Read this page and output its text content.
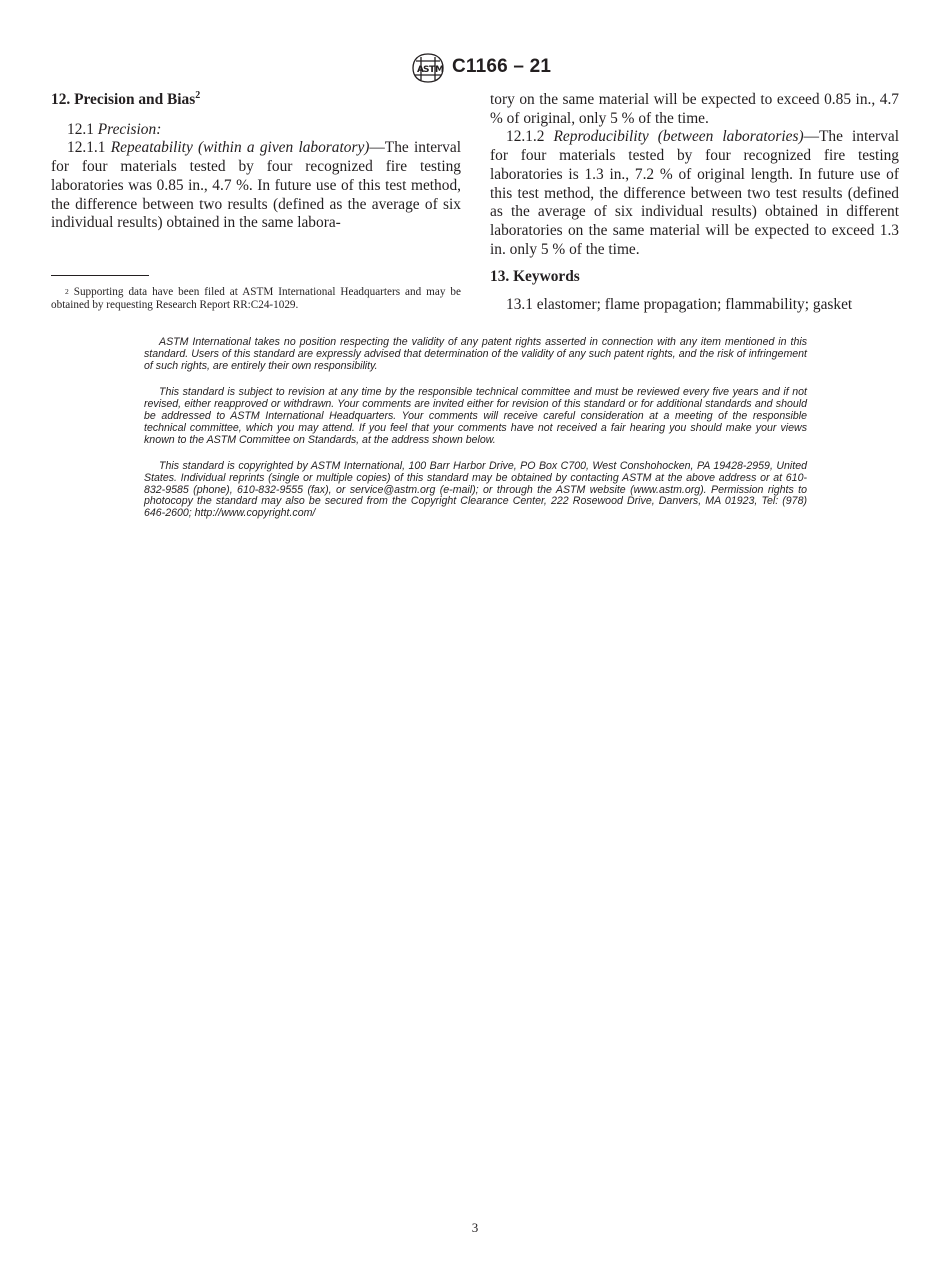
A S T M C1166 – 21
12. Precision and Bias$^2$

12.1 Precision:

12.1.1 Repeatability (within a given laboratory)—The interval for four materials tested by four recognized fire testing laboratories was 0.85 in., 4.7 %. In future use of this test method, the difference between two results (defined as the average of six individual results) obtained in the same labora-

tory on the same material will be expected to exceed 0.85 in., 4.7 % of original, only 5 % of the time.

12.1.2 Reproducibility (between laboratories)—The interval for four materials tested by four recognized fire testing laboratories is 1.3 in., 7.2 % of original length. In future use of this test method, the difference between two test results (defined as the average of six individual results) obtained in different laboratories on the same material will be expected to exceed 1.3 in. only 5 % of the time.

13. Keywords

13.1 elastomer; flame propagation; flammability; gasket

$^2$ Supporting data have been filed at ASTM International Headquarters and may be obtained by requesting Research Report RR:C24-1029.

ASTM International takes no position respecting the validity of any patent rights asserted in connection with any item mentioned in this standard. Users of this standard are expressly advised that determination of the validity of any such patent rights, and the risk of infringement of such rights, are entirely their own responsibility.

This standard is subject to revision at any time by the responsible technical committee and must be reviewed every five years and if not revised, either reapproved or withdrawn. Your comments are invited either for revision of this standard or for additional standards and should be addressed to ASTM International Headquarters. Your comments will receive careful consideration at a meeting of the responsible technical committee, which you may attend. If you feel that your comments have not received a fair hearing you should make your views known to the ASTM Committee on Standards, at the address shown below.

This standard is copyrighted by ASTM International, 100 Barr Harbor Drive, PO Box C700, West Conshohocken, PA 19428-2959, United States. Individual reprints (single or multiple copies) of this standard may be obtained by contacting ASTM at the above address or at 610-832-9585 (phone), 610-832-9555 (fax), or service@astm.org (e-mail); or through the ASTM website (www.astm.org). Permission rights to photocopy the standard may also be secured from the Copyright Clearance Center, 222 Rosewood Drive, Danvers, MA 01923, Tel: (978) 646-2600; http://www.copyright.com/

3
